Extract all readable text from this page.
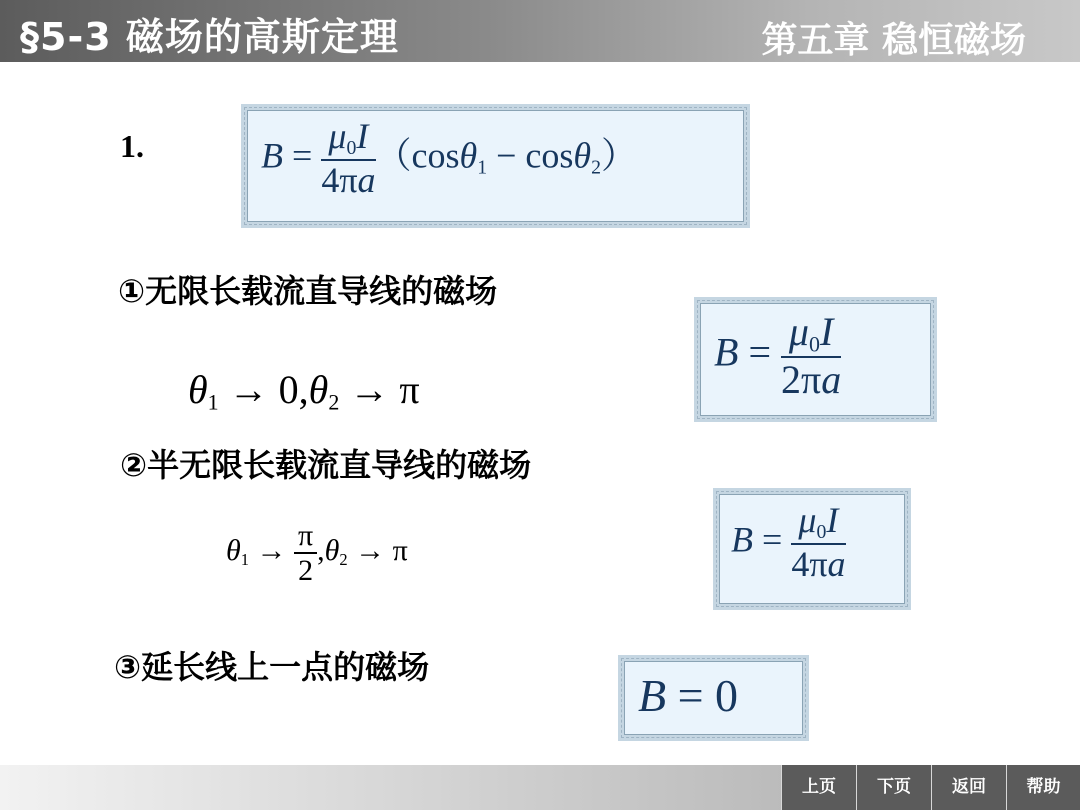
§5-3 磁场的高斯定理	第五章 稳恒磁场
1.	$B = \frac{\mu_0I}{4\pi a} (\cos\theta_1 - \cos\theta_2)$
①无限长载流直导线的磁场
$\theta_1 \to 0,\theta_2 \to \pi$
$B = \frac{\mu_0I}{2\pi a}$
②半无限长载流直导线的磁场
$\theta_1 \to \frac{\pi}{2} ,\theta_2 \to \pi$	$B = \frac{\mu_0I}{4\pi a}$
③延长线上一点的磁场
B = 0
上页	下页	返回	帮助
